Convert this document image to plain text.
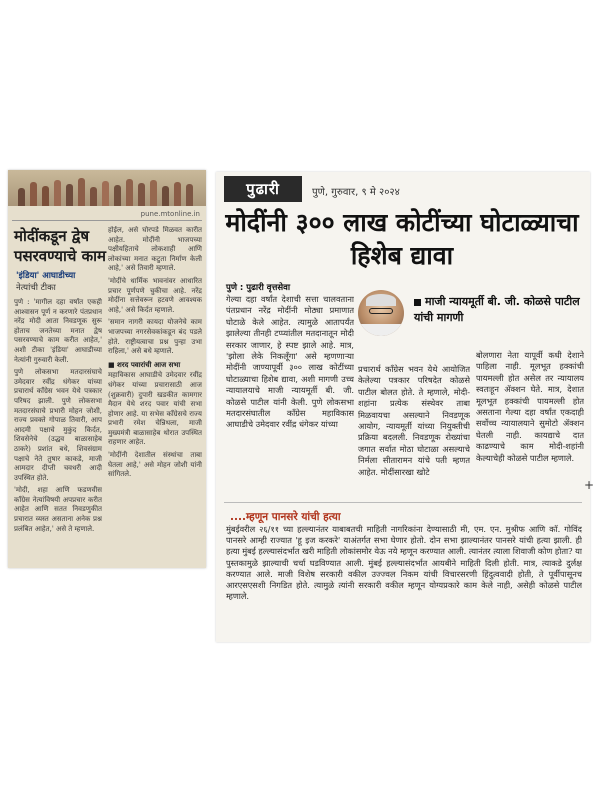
pune.mtonline.in
मोदींकडून द्वेष पसरवण्याचे काम
'इंडिया' आघाडीच्या
नेत्यांची टीका

पुणे : 'मागील दहा वर्षांत एकही आश्वासन पूर्ण न करणारे पंतप्रधान नरेंद्र मोदी आता निवडणूक सुरू होताच जनतेच्या मनात द्वेष पसरवण्याचे काम करीत आहेत,' अशी टीका 'इंडिया' आघाडीच्या नेत्यांनी गुरुवारी केली.

पुणे लोकसभा मतदारसंघाचे उमेदवार रवींद्र धंगेकर यांच्या प्रचारार्थ काँग्रेस भवन येथे पत्रकार परिषद झाली. पुणे लोकसभा मतदारसंघाचे प्रभारी मोहन जोशी, राज्य प्रवक्ते गोपाळ तिवारी, आप आदमी पक्षाचे मुकुंद किर्दत, शिवसेनेचे (उद्धव बाळासाहेब ठाकरे) प्रशांत बधे, शिवसंग्राम पक्षाचे नेते तुषार काकडे, माजी आमदार दीप्ती चवधरी आदी उपस्थित होते.

'मोदी, शहा आणि फडणवीस काँग्रेस नेत्यांविषयी अपप्रचार करीत आहेत आणि सतत निवडणुकीत प्रचारात व्यस्त असताना अनेक प्रश्न प्रलंबित आहेत,' असे ते म्हणाले.

होईल, असे घोरपडे मिळवत कारीत आहेत. मोदींनी भाजपच्या पक्षीयहिताचे लोकशाही आणि लोकांच्या मनात कटुता निर्माण केली आहे,' असे तिवारी म्हणाले.

'मोदींचे धार्मिक भावनांवर आधारित प्रचार पूर्णपणे चुकीचा आहे. नरेंद्र मोदींना सत्तेवरून हटवणे आवश्यक आहे,' असे किर्दत म्हणाले.

'समान नागरी कायदा योजनेचे काम भाजपच्या नगरसेवकांकडून बंद पडले होते. राष्ट्रीयत्वाचा प्रश्न पुन्हा उभा राहिला,' असे बधे म्हणाले.

■ शरद पवारांची आज सभा

महाविकास आघाडीचे उमेदवार रवींद्र धंगेकर यांच्या प्रचारासाठी आज (शुक्रवारी) दुपारी खडकीत कामगार मैदान येथे शरद पवार यांची सभा होणार आहे. या सभेस काँग्रेसचे राज्य प्रभारी रमेश चेन्निथला, माजी मुख्यमंत्री बाळासाहेब थोरात उपस्थित राहणार आहेत.

'मोदींनी देशातील संस्थांचा ताबा घेतला आहे,' असे मोहन जोशी यांनी सांगितले.

पुढारी	पुणे, गुरुवार, ९ मे २०२४
मोदींनी ३०० लाख कोटींच्या घोटाळ्याचा हिशेब द्यावा
पुणे : पुढारी वृत्तसेवा
माजी न्यायमूर्ती बी. जी. कोळसे पाटील यांची मागणी
गेल्या दहा वर्षांत देशाची सत्ता चालवताना पंतप्रधान नरेंद्र मोदींनी मोठ्या प्रमाणात घोटाळे केले आहेत. त्यामुळे आतापर्यंत झालेल्या तीनही टप्प्यांतील मतदानातून मोदी सरकार जाणार, हे स्पष्ट झाले आहे. मात्र, 'झोला लेके निकलूँगा' असे म्हणणाऱ्या मोदींनी जाण्यापूर्वी ३०० लाख कोटींच्या घोटाळ्याचा हिशेब द्यावा, अशी मागणी उच्च न्यायालयाचे माजी न्यायमूर्ती बी. जी. कोळसे पाटील यांनी केली. पुणे लोकसभा मतदारसंघातील काँग्रेस महाविकास आघाडीचे उमेदवार रवींद्र धंगेकर यांच्या
प्रचारार्थ काँग्रेस भवन येथे आयोजित केलेल्या पत्रकार परिषदेत कोळसे पाटील बोलत होते. ते म्हणाले, मोदी-शहांना प्रत्येक संस्थेवर ताबा मिळवायचा असल्याने निवडणूक आयोग, न्यायमूर्ती यांच्या नियुक्तीची प्रक्रिया बदलली. निवडणूक रोख्यांचा जगात सर्वात मोठा घोटाळा असल्याचे निर्मला सीतारामन यांचे पती म्हणत आहेत. मोदींसारखा खोटे
बोलणारा नेता यापूर्वी कधी देशाने पाहिला नाही. मूलभूत हक्कांची पायमल्ली होत असेल तर न्यायालय स्वतःहून ॲक्शन घेते. मात्र, देशात मूलभूत हक्कांची पायमल्ली होत असताना गेल्या दहा वर्षांत एकदाही सर्वोच्च न्यायालयाने सुमोटो ॲक्शन घेतली नाही. कायद्याचे दात काढण्याचे काम मोदी-शहांनी केल्याचेही कोळसे पाटील म्हणाले.
....म्हणून पानसरे यांची हत्या
मुंबईवरील २६/११ च्या हल्ल्यानंतर याबाबतची माहिती नागरिकांना देण्यासाठी मी, एम. एन. मुश्रीफ आणि कॉ. गोविंद पानसरे आम्ही राज्यात 'हू इज करकरे' याअंतर्गत सभा घेणार होतो. दोन सभा झाल्यानंतर पानसरे यांची हत्या झाली. ही हत्या मुंबई हल्ल्यासंदर्भात खरी माहिती लोकांसमोर येऊ नये म्हणून करण्यात आली. त्यानंतर त्याला शिवाजी कोण होता? या पुस्तकामुळे झाल्याची चर्चा घडविण्यात आली. मुंबई हल्ल्यासंदर्भात आयबीने माहिती दिली होती. मात्र, त्याकडे दुर्लक्ष करण्यात आले. माजी विशेष सरकारी वकील उज्ज्वल निकम यांची विचारसरणी हिंदुत्ववादी होती, ते पूर्वीपासूनच आरएसएसशी निगडित होते. त्यामुळे त्यांनी सरकारी वकील म्हणून योग्यप्रकारे काम केले नाही, असेही कोळसे पाटील म्हणाले.
+
